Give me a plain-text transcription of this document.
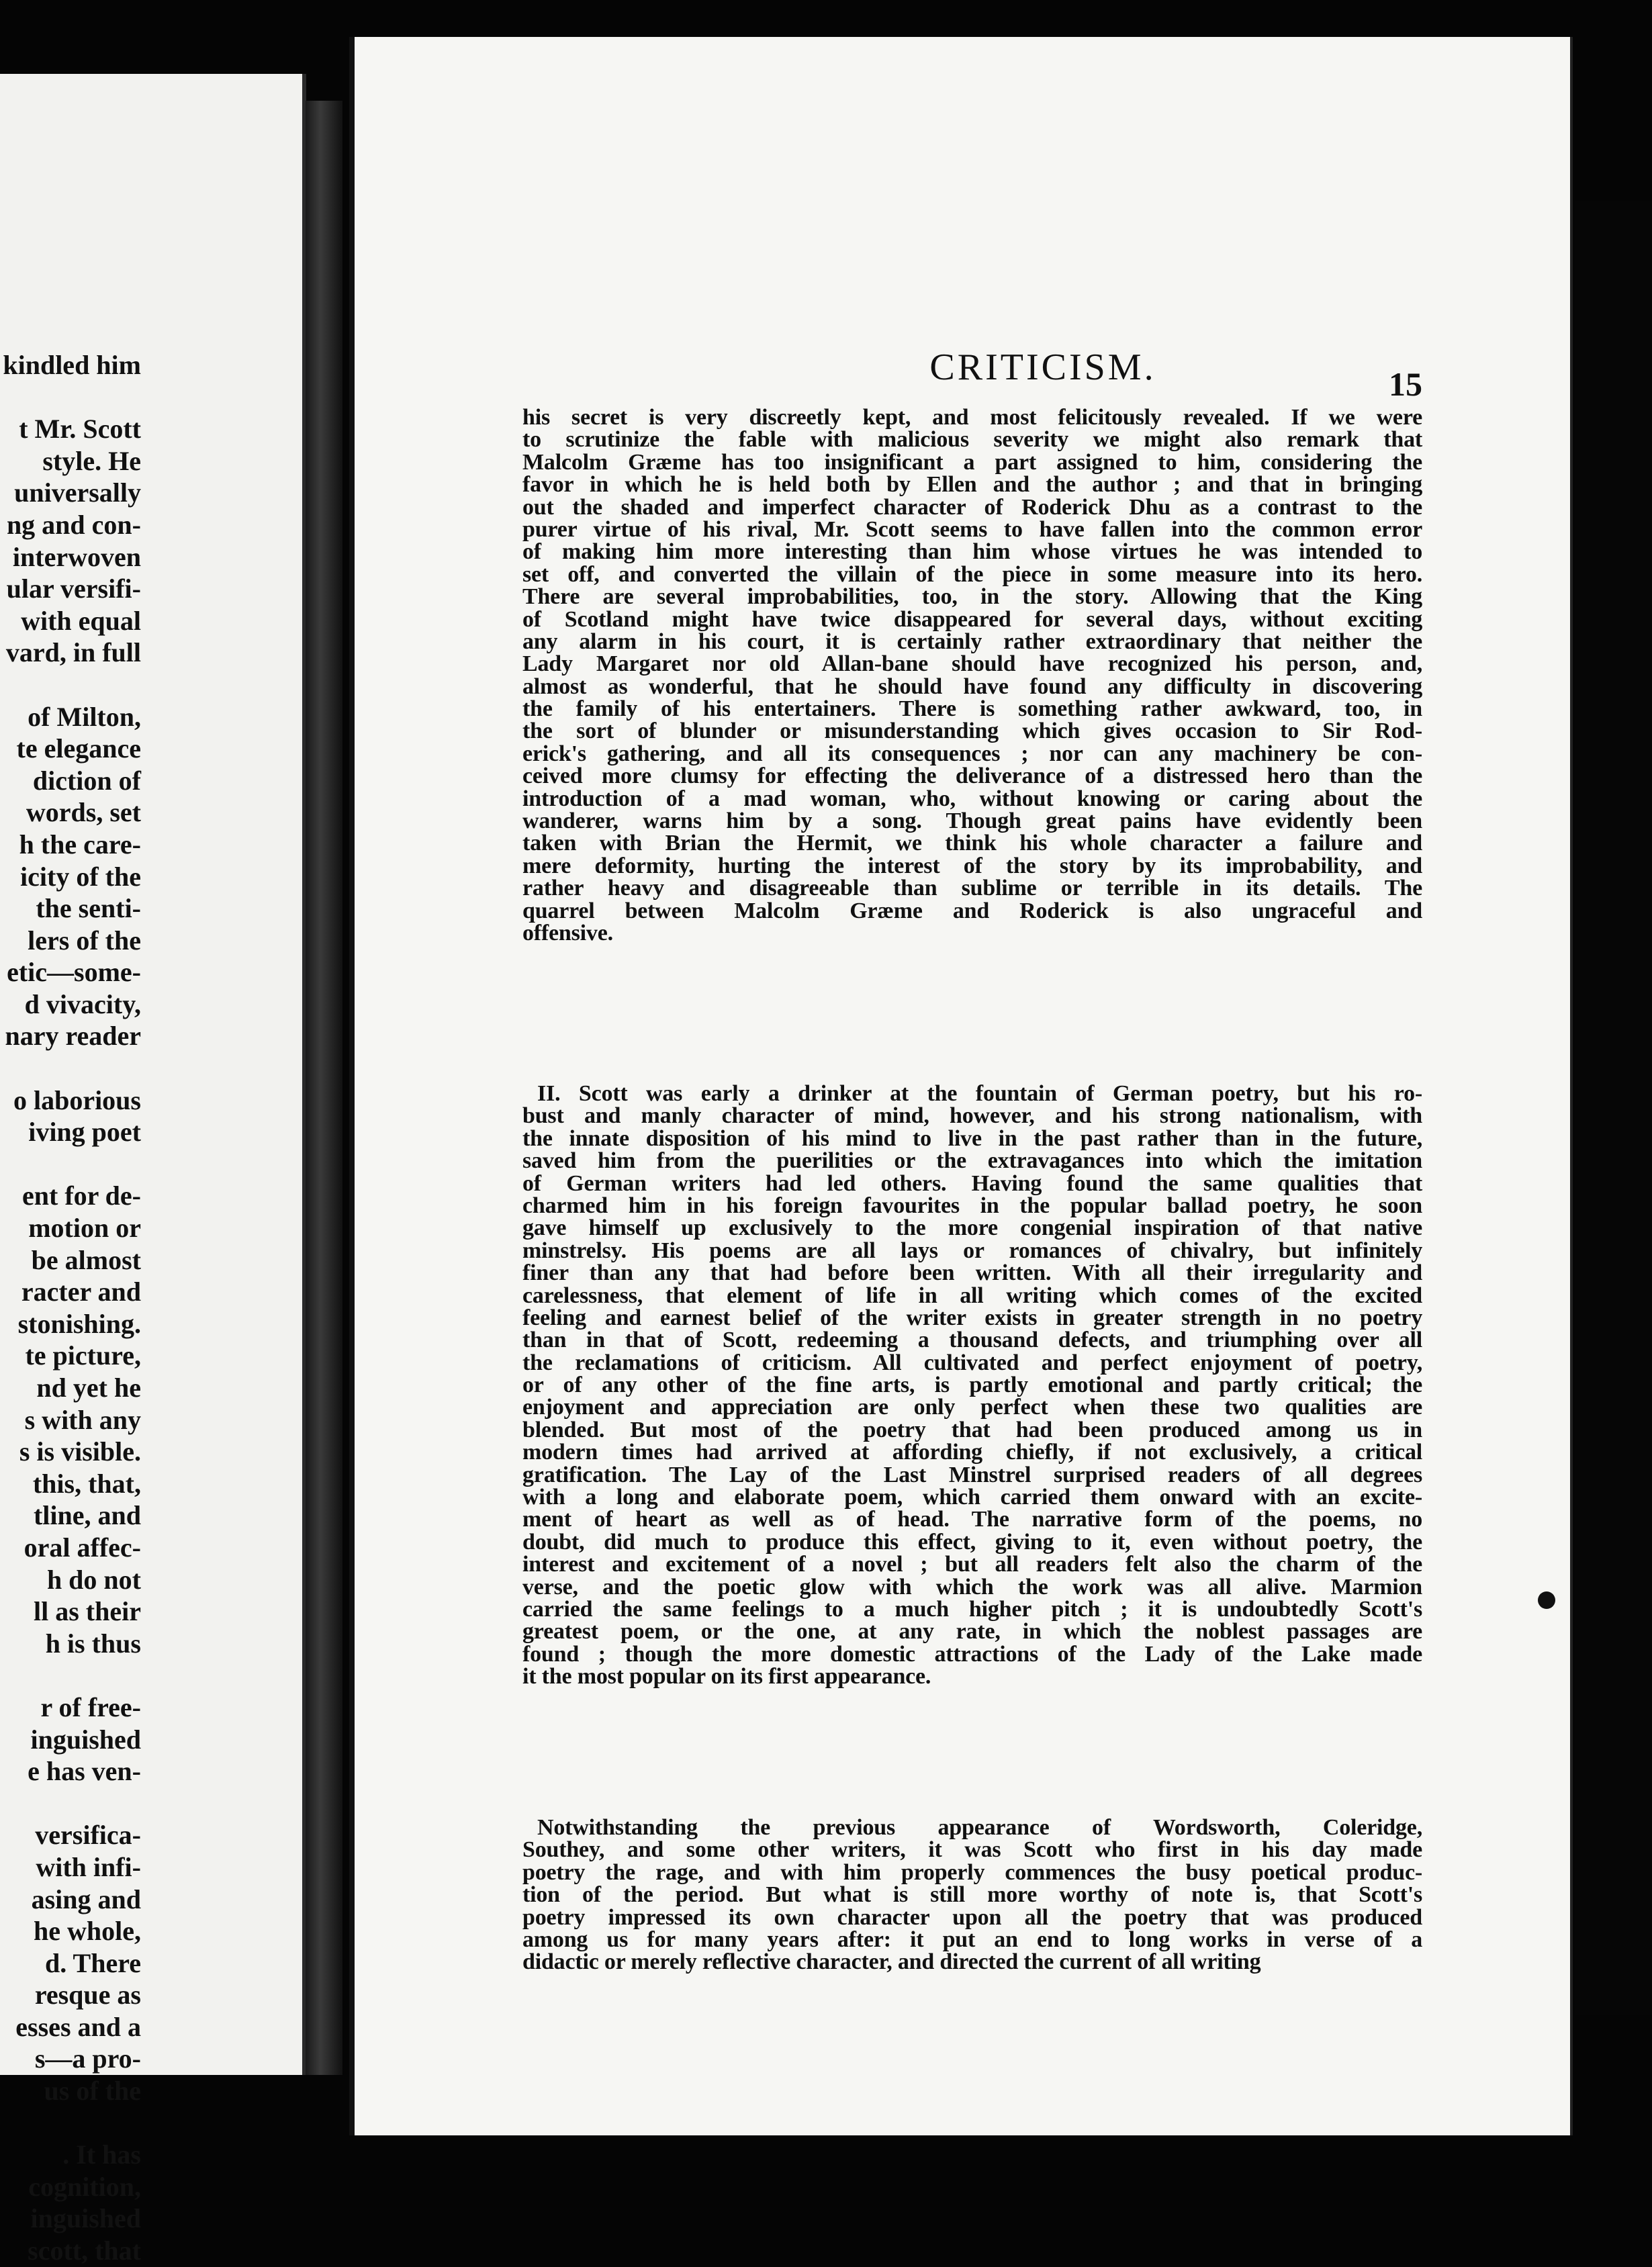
kindled him
t Mr. Scott
style. He
universally
ng and con-
interwoven
ular versifi-
with equal
vard, in full
of Milton,
te elegance
diction of
words, set
h the care-
icity of the
the senti-
lers of the
etic—some-
d vivacity,
nary reader
o laborious
iving poet
ent for de-
motion or
be almost
racter and
stonishing.
te picture,
nd yet he
s with any
s is visible.
this, that,
tline, and
oral affec-
h do not
ll as their
h is thus
r of free-
inguished
e has ven-
versifica-
with infi-
asing and
he whole,
d. There
resque as
esses and a
s—a pro-
us of the
. It has
cognition,
inguished
scott, that
CRITICISM.	15
his secret is very discreetly kept, and most felicitously revealed. If we were
to scrutinize the fable with malicious severity we might also remark that
Malcolm Græme has too insignificant a part assigned to him, considering the
favor in which he is held both by Ellen and the author ; and that in bringing
out the shaded and imperfect character of Roderick Dhu as a contrast to the
purer virtue of his rival, Mr. Scott seems to have fallen into the common error
of making him more interesting than him whose virtues he was intended to
set off, and converted the villain of the piece in some measure into its hero.
There are several improbabilities, too, in the story. Allowing that the King
of Scotland might have twice disappeared for several days, without exciting
any alarm in his court, it is certainly rather extraordinary that neither the
Lady Margaret nor old Allan-bane should have recognized his person, and,
almost as wonderful, that he should have found any difficulty in discovering
the family of his entertainers. There is something rather awkward, too, in
the sort of blunder or misunderstanding which gives occasion to Sir Rod-
erick's gathering, and all its consequences ; nor can any machinery be con-
ceived more clumsy for effecting the deliverance of a distressed hero than the
introduction of a mad woman, who, without knowing or caring about the
wanderer, warns him by a song. Though great pains have evidently been
taken with Brian the Hermit, we think his whole character a failure and
mere deformity, hurting the interest of the story by its improbability, and
rather heavy and disagreeable than sublime or terrible in its details. The
quarrel between Malcolm Græme and Roderick is also ungraceful and
offensive.
II. Scott was early a drinker at the fountain of German poetry, but his ro-
bust and manly character of mind, however, and his strong nationalism, with
the innate disposition of his mind to live in the past rather than in the future,
saved him from the puerilities or the extravagances into which the imitation
of German writers had led others. Having found the same qualities that
charmed him in his foreign favourites in the popular ballad poetry, he soon
gave himself up exclusively to the more congenial inspiration of that native
minstrelsy. His poems are all lays or romances of chivalry, but infinitely
finer than any that had before been written. With all their irregularity and
carelessness, that element of life in all writing which comes of the excited
feeling and earnest belief of the writer exists in greater strength in no poetry
than in that of Scott, redeeming a thousand defects, and triumphing over all
the reclamations of criticism. All cultivated and perfect enjoyment of poetry,
or of any other of the fine arts, is partly emotional and partly critical; the
enjoyment and appreciation are only perfect when these two qualities are
blended. But most of the poetry that had been produced among us in
modern times had arrived at affording chiefly, if not exclusively, a critical
gratification. The Lay of the Last Minstrel surprised readers of all degrees
with a long and elaborate poem, which carried them onward with an excite-
ment of heart as well as of head. The narrative form of the poems, no
doubt, did much to produce this effect, giving to it, even without poetry, the
interest and excitement of a novel ; but all readers felt also the charm of the
verse, and the poetic glow with which the work was all alive. Marmion
carried the same feelings to a much higher pitch ; it is undoubtedly Scott's
greatest poem, or the one, at any rate, in which the noblest passages are
found ; though the more domestic attractions of the Lady of the Lake made
it the most popular on its first appearance.
Notwithstanding the previous appearance of Wordsworth, Coleridge,
Southey, and some other writers, it was Scott who first in his day made
poetry the rage, and with him properly commences the busy poetical produc-
tion of the period. But what is still more worthy of note is, that Scott's
poetry impressed its own character upon all the poetry that was produced
among us for many years after: it put an end to long works in verse of a
didactic or merely reflective character, and directed the current of all writing
